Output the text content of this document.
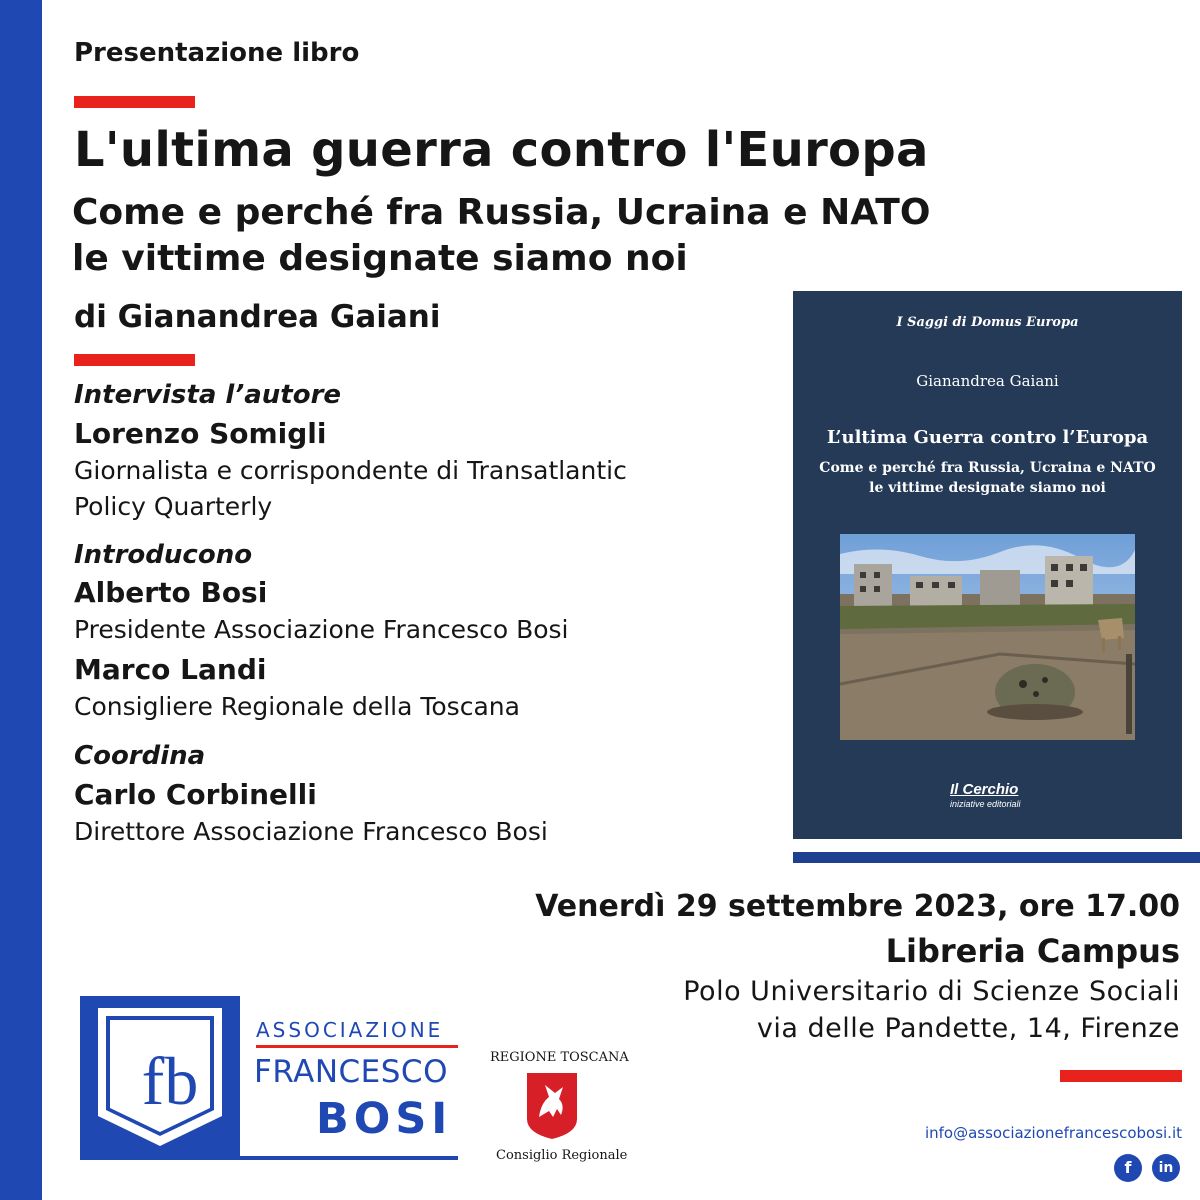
Presentazione libro
L'ultima guerra contro l'Europa
Come e perché fra Russia, Ucraina e NATO
le vittime designate siamo noi
di Gianandrea Gaiani
Intervista l’autore
Lorenzo Somigli
Giornalista e corrispondente di Transatlantic
Policy Quarterly
Introducono
Alberto Bosi
Presidente Associazione Francesco Bosi
Marco Landi
Consigliere Regionale della Toscana
Coordina
Carlo Corbinelli
Direttore Associazione Francesco Bosi
I Saggi di Domus Europa
Gianandrea Gaiani
L’ultima Guerra contro l’Europa
Come e perché fra Russia, Ucraina e NATO
le vittime designate siamo noi
Il Cerchio
iniziative editoriali
Venerdì 29 settembre 2023, ore 17.00
Libreria Campus
Polo Universitario di Scienze Sociali
via delle Pandette, 14, Firenze
fb
ASSOCIAZIONE
FRANCESCO
BOSI
REGIONE TOSCANA
Consiglio Regionale
info@associazionefrancescobosi.it
f	in
